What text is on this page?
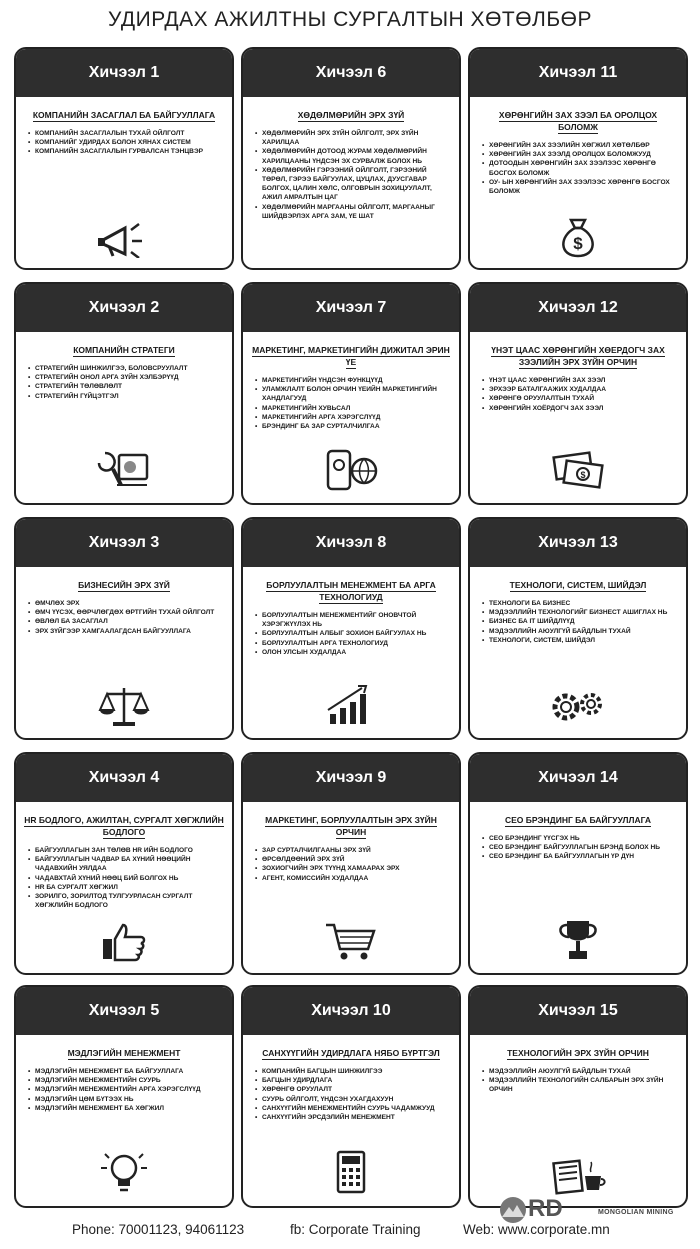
УДИРДАХ АЖИЛТНЫ СУРГАЛТЫН ХӨТӨЛБӨР
Хичээл 1
КОМПАНИЙН ЗАСАГЛАЛ БА БАЙГУУЛЛАГА
• КОМПАНИЙН ЗАСАГЛАЛЫН ТУХАЙ ОЙЛГОЛТ
• КОМПАНИЙГ УДИРДАХ БОЛОН ХЯНАХ СИСТЕМ
• КОМПАНИЙН ЗАСАГЛАЛЫН ГУРВАЛСАН ТЭНЦВЭР
Хичээл 6
ХӨДӨЛМӨРИЙН ЭРХ ЗҮЙ
• ХӨДӨЛМӨРИЙН ЭРХ ЗҮЙН ОЙЛГОЛТ, ЭРХ ЗҮЙН ХАРИЛЦАА
• ХӨДӨЛМӨРИЙН ДОТООД ЖУРАМ ХӨДӨЛМӨРИЙН ХАРИЛЦААНЫ ҮНДСЭН ЭХ СУРВАЛЖ БОЛОХ НЬ
• ХӨДӨЛМӨРИЙН ГЭРЭЭНИЙ ОЙЛГОЛТ, ГЭРЭЭНИЙ ТӨРӨЛ, ГЭРЭЭ БАЙГУУЛАХ, ЦУЦЛАХ, ДУУСГАВАР БОЛГОХ, ЦАЛИН ХӨЛС, ОЛГОВРЫН ЗОХИЦУУЛАЛТ, АЖИЛ АМРАЛТЫН ЦАГ
• ХӨДӨЛМӨРИЙН МАРГААНЫ ОЙЛГОЛТ, МАРГААНЫГ ШИЙДВЭРЛЭХ АРГА ЗАМ, ҮЕ ШАТ
Хичээл 11
ХӨРӨНГИЙН ЗАХ ЗЭЭЛ БА ОРОЛЦОХ БОЛОМЖ
• ХӨРӨНГИЙН ЗАХ ЗЭЭЛИЙН ХӨГЖИЛ ХӨТӨЛБӨР
• ХӨРӨНГИЙН ЗАХ ЗЭЭЛД ОРОЛЦОХ БОЛОМЖУУД
• ДОТООДЫН ХӨРӨНГИЙН ЗАХ ЗЭЭЛЭЭС ХӨРӨНГӨ БОСГОХ БОЛОМЖ
• ОУ- ЫН ХӨРӨНГИЙН ЗАХ ЗЭЭЛЭЭС ХӨРӨНГӨ БОСГОХ БОЛОМЖ
$
Хичээл 2
КОМПАНИЙН СТРАТЕГИ
• СТРАТЕГИЙН ШИНЖИЛГЭЭ, БОЛОВСРУУЛАЛТ
• СТРАТЕГИЙН ОНОЛ АРГА ЗҮЙН ХЭЛБЭРҮҮД
• СТРАТЕГИЙН ТӨЛӨВЛӨЛТ
• СТРАТЕГИЙН ГҮЙЦЭТГЭЛ
Хичээл 7
МАРКЕТИНГ, МАРКЕТИНГИЙН ДИЖИТАЛ ЭРИН ҮЕ
• МАРКЕТИНГИЙН ҮНДСЭН ФУНКЦҮҮД
• УЛАМЖЛАЛТ БОЛОН ОРЧИН ҮЕИЙН МАРКЕТИНГИЙН ХАНДЛАГУУД
• МАРКЕТИНГИЙН ХУВЬСАЛ
• МАРКЕТИНГИЙН АРГА ХЭРЭГСЛҮҮД
• БРЭНДИНГ БА ЗАР СУРТАЛЧИЛГАА
Хичээл 12
ҮНЭТ ЦААС ХӨРӨНГИЙН ХӨЕРДОГЧ ЗАХ ЗЭЭЛИЙН ЭРХ ЗҮЙН ОРЧИН
• ҮНЭТ ЦААС ХӨРӨНГИЙН ЗАХ ЗЭЭЛ
• ЭРХЭЭР БАТАЛГААЖИХ ХУДАЛДАА
• ХӨРӨНГӨ ОРУУЛАЛТЫН ТУХАЙ
• ХӨРӨНГИЙН ХОЁРДОГЧ ЗАХ ЗЭЭЛ
$
Хичээл 3
БИЗНЕСИЙН ЭРХ ЗҮЙ
• ӨМЧЛӨХ ЭРХ
• ӨМЧ ҮҮСЭХ, ӨӨРЧЛӨГДӨХ ӨРТГИЙН ТУХАЙ ОЙЛГОЛТ
• ӨВЛӨЛ БА ЗАСАГЛАЛ
• ЭРХ ЗҮЙГЭЭР ХАМГААЛАГДСАН БАЙГУУЛЛАГА
Хичээл 8
БОРЛУУЛАЛТЫН МЕНЕЖМЕНТ БА АРГА ТЕХНОЛОГИУД
• БОРЛУУЛАЛТЫН МЕНЕЖМЕНТИЙГ ОНОВЧТОЙ ХЭРЭГЖҮҮЛЭХ НЬ
• БОРЛУУЛАЛТЫН АЛБЫГ ЗОХИОН БАЙГУУЛАХ НЬ
• БОРЛУУЛАЛТЫН АРГА ТЕХНОЛОГИУД
• ОЛОН УЛСЫН ХУДАЛДАА
Хичээл 13
ТЕХНОЛОГИ, СИСТЕМ, ШИЙДЭЛ
• ТЕХНОЛОГИ БА БИЗНЕС
• МЭДЭЭЛЛИЙН ТЕХНОЛОГИЙГ БИЗНЕСТ АШИГЛАХ НЬ
• БИЗНЕС БА IT ШИЙДЛҮҮД
• МЭДЭЭЛЛИЙН АЮУЛГҮЙ БАЙДЛЫН ТУХАЙ
• ТЕХНОЛОГИ, СИСТЕМ, ШИЙДЭЛ
Хичээл 4
HR БОДЛОГО, АЖИЛТАН, СУРГАЛТ ХӨГЖЛИЙН БОДЛОГО
• БАЙГУУЛЛАГЫН ЗАН ТӨЛӨВ HR ИЙН БОДЛОГО
• БАЙГУУЛЛАГЫН ЧАДВАР БА ХҮНИЙ НӨӨЦИЙН ЧАДАВХИЙН УЯЛДАА
• ЧАДАВХТАЙ ХҮНИЙ НӨӨЦ БИЙ БОЛГОХ НЬ
• HR БА СУРГАЛТ ХӨГЖИЛ
• ЗОРИЛГО, ЗОРИЛТОД ТУЛГУУРЛАСАН СУРГАЛТ ХӨГЖЛИЙН БОДЛОГО
Хичээл 9
МАРКЕТИНГ, БОРЛУУЛАЛТЫН ЭРХ ЗҮЙН ОРЧИН
• ЗАР СУРТАЛЧИЛГААНЫ ЭРХ ЗҮЙ
• ӨРСӨЛДӨӨНИЙ ЭРХ ЗҮЙ
• ЗОХИОГЧИЙН ЭРХ ТҮҮНД ХАМААРАХ ЭРХ
• АГЕНТ, КОМИССИЙН ХУДАЛДАА
Хичээл 14
CEO БРЭНДИНГ БА БАЙГУУЛЛАГА
• CEO БРЭНДИНГ ҮҮСГЭХ НЬ
• CEO БРЭНДИНГ БАЙГУУЛЛАГЫН БРЭНД БОЛОХ НЬ
• CEO БРЭНДИНГ БА БАЙГУУЛЛАГЫН ҮР ДҮН
Хичээл 5
МЭДЛЭГИЙН МЕНЕЖМЕНТ
• МЭДЛЭГИЙН МЕНЕЖМЕНТ БА БАЙГУУЛЛАГА
• МЭДЛЭГИЙН МЕНЕЖМЕНТИЙН СУУРЬ
• МЭДЛЭГИЙН МЕНЕЖМЕНТИЙН АРГА ХЭРЭГСЛҮҮД
• МЭДЛЭГИЙН ЦӨМ БҮТЭЭХ НЬ
• МЭДЛЭГИЙН МЕНЕЖМЕНТ БА ХӨГЖИЛ
Хичээл 10
САНХҮҮГИЙН УДИРДЛАГА НЯБО БҮРТГЭЛ
• КОМПАНИЙН БАГЦЫН ШИНЖИЛГЭЭ
• БАГЦЫН УДИРДЛАГА
• ХӨРӨНГӨ ОРУУЛАЛТ
• СУУРЬ ОЙЛГОЛТ, ҮНДСЭН УХАГДАХУУН
• САНХҮҮГИЙН МЕНЕЖМЕНТИЙН СУУРЬ ЧАДАМЖУУД
• САНХҮҮГИЙН ЭРСДЭЛИЙН МЕНЕЖМЕНТ
Хичээл 15
ТЕХНОЛОГИЙН ЭРХ ЗҮЙН ОРЧИН
• МЭДЭЭЛЛИЙН АЮУЛГҮЙ БАЙДЛЫН ТУХАЙ
• МЭДЭЭЛЛИЙН ТЕХНОЛОГИЙН САЛБАРЫН ЭРХ ЗҮЙН ОРЧИН
RD	MONGOLIAN MINING
Phone: 70001123, 94061123	fb: Corporate Training	Web: www.corporate.mn
